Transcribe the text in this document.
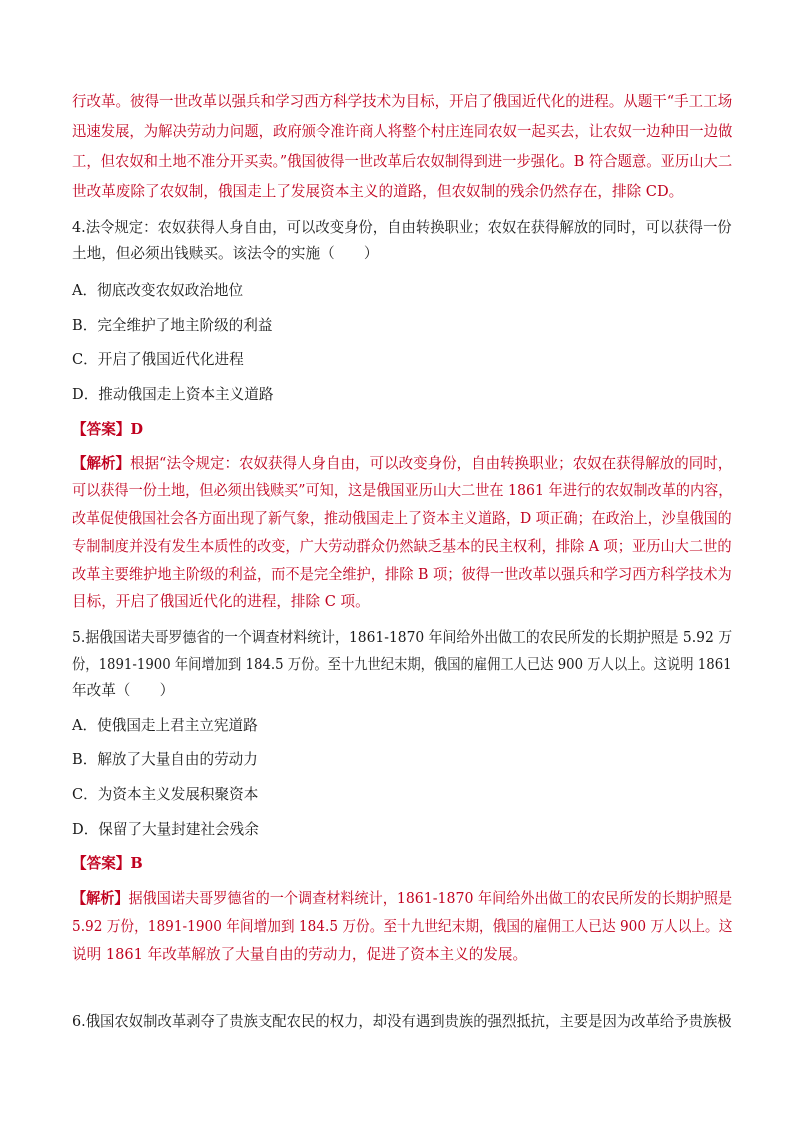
行改革。彼得一世改革以强兵和学习西方科学技术为目标，开启了俄国近代化的进程。从题干“手工工场
迅速发展，为解决劳动力问题，政府颁令准许商人将整个村庄连同农奴一起买去，让农奴一边种田一边做
工，但农奴和土地不准分开买卖。”俄国彼得一世改革后农奴制得到进一步强化。B 符合题意。亚历山大二
世改革废除了农奴制，俄国走上了发展资本主义的道路，但农奴制的残余仍然存在，排除 CD。
4.法令规定：农奴获得人身自由，可以改变身份，自由转换职业；农奴在获得解放的同时，可以获得一份
土地，但必须出钱赎买。该法令的实施（　　）
A．彻底改变农奴政治地位
B．完全维护了地主阶级的利益
C．开启了俄国近代化进程
D．推动俄国走上资本主义道路
【答案】D
【解析】根据“法令规定：农奴获得人身自由，可以改变身份，自由转换职业；农奴在获得解放的同时，
可以获得一份土地，但必须出钱赎买”可知，这是俄国亚历山大二世在 1861 年进行的农奴制改革的内容，
改革促使俄国社会各方面出现了新气象，推动俄国走上了资本主义道路，D 项正确；在政治上，沙皇俄国的
专制制度并没有发生本质性的改变，广大劳动群众仍然缺乏基本的民主权利，排除 A 项；亚历山大二世的
改革主要维护地主阶级的利益，而不是完全维护，排除 B 项；彼得一世改革以强兵和学习西方科学技术为
目标，开启了俄国近代化的进程，排除 C 项。
5.据俄国诺夫哥罗德省的一个调查材料统计，1861-1870 年间给外出做工的农民所发的长期护照是 5.92 万
份，1891-1900 年间增加到 184.5 万份。至十九世纪末期，俄国的雇佣工人已达 900 万人以上。这说明 1861
年改革（　　）
A．使俄国走上君主立宪道路
B．解放了大量自由的劳动力
C．为资本主义发展积聚资本
D．保留了大量封建社会残余
【答案】B
【解析】据俄国诺夫哥罗德省的一个调查材料统计，1861-1870 年间给外出做工的农民所发的长期护照是
5.92 万份，1891-1900 年间增加到 184.5 万份。至十九世纪末期，俄国的雇佣工人已达 900 万人以上。这
说明 1861 年改革解放了大量自由的劳动力，促进了资本主义的发展。
6.俄国农奴制改革剥夺了贵族支配农民的权力，却没有遇到贵族的强烈抵抗，主要是因为改革给予贵族极
